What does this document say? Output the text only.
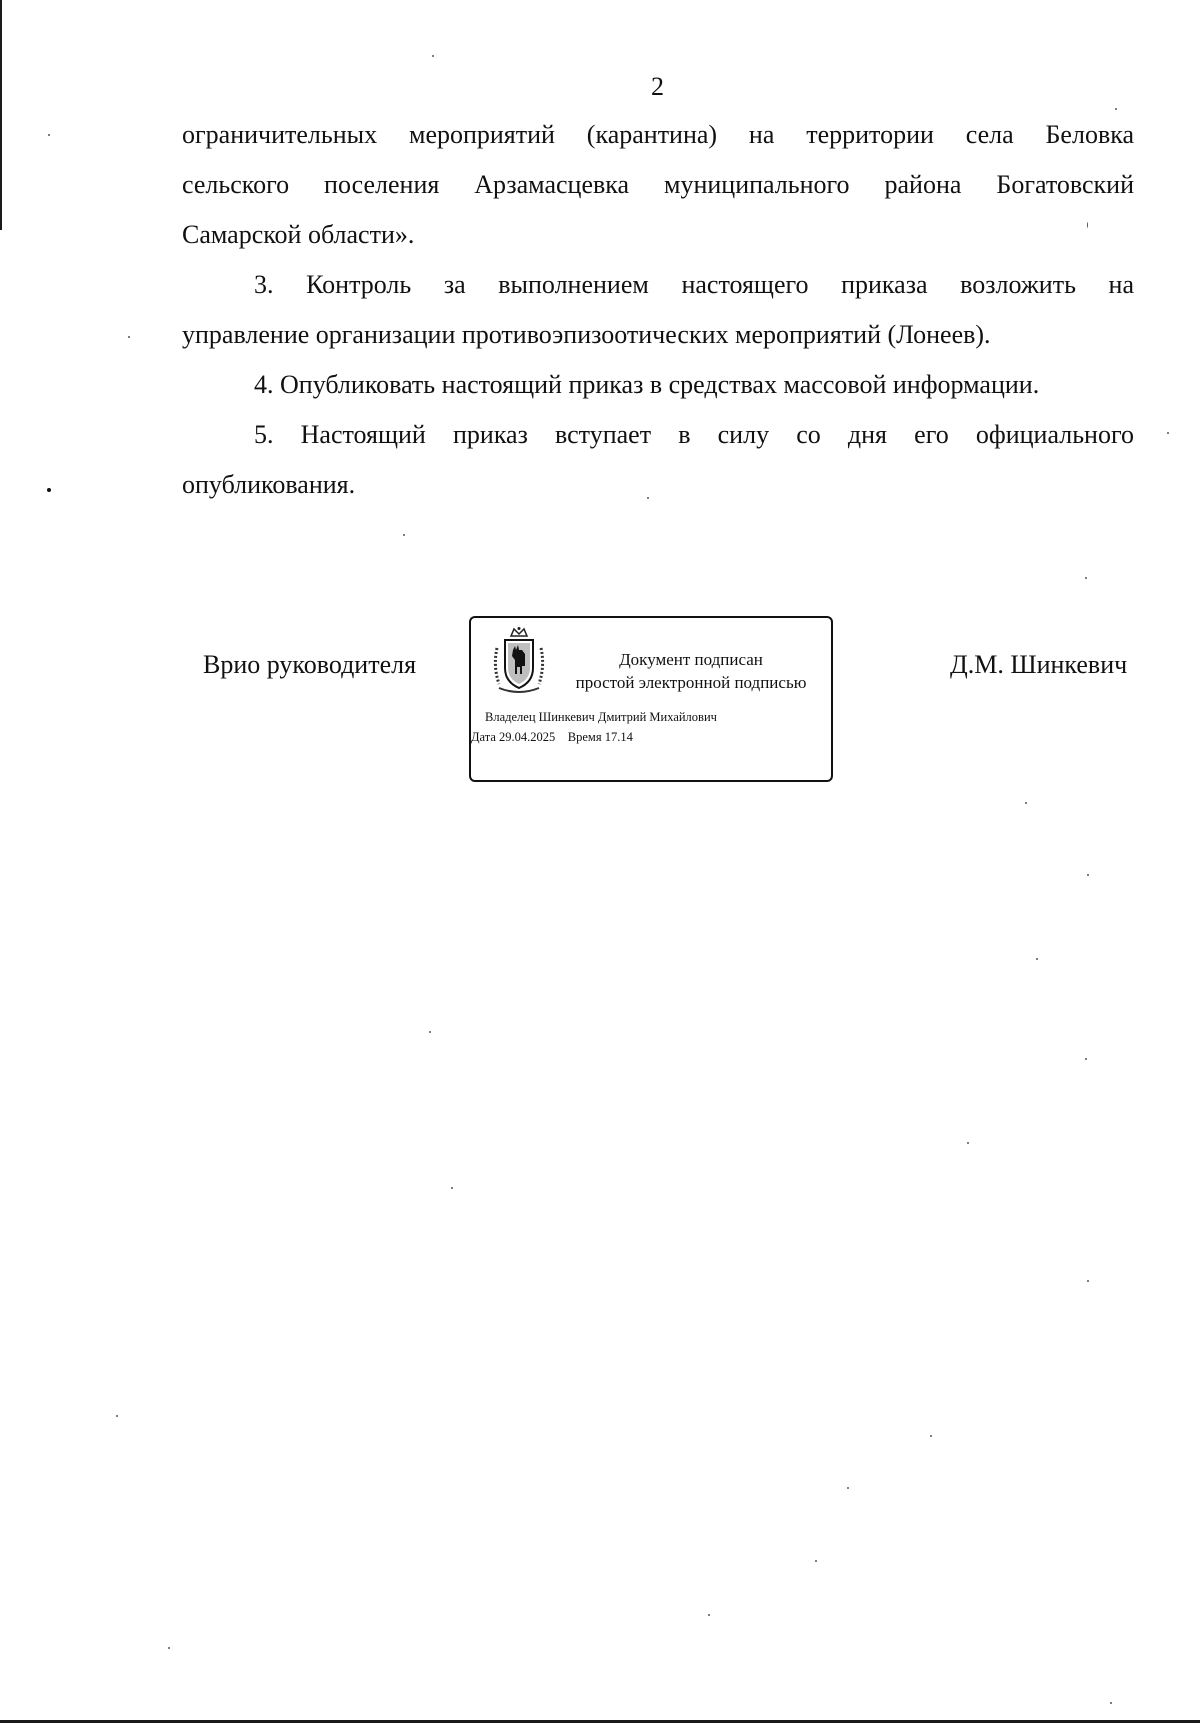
2
ограничительных мероприятий (карантина) на территории села Беловка
сельского поселения Арзамасцевка муниципального района Богатовский
Самарской области».
3. Контроль за выполнением настоящего приказа возложить на
управление организации противоэпизоотических мероприятий (Лонеев).
4. Опубликовать настоящий приказ в средствах массовой информации.
5. Настоящий приказ вступает в силу со дня его официального
опубликования.
Врио руководителя	Документ подписан
простой электронной подписью
Владелец Шинкевич Дмитрий Михайлович
Дата 29.04.2025 Время 17.14
Д.М. Шинкевич
